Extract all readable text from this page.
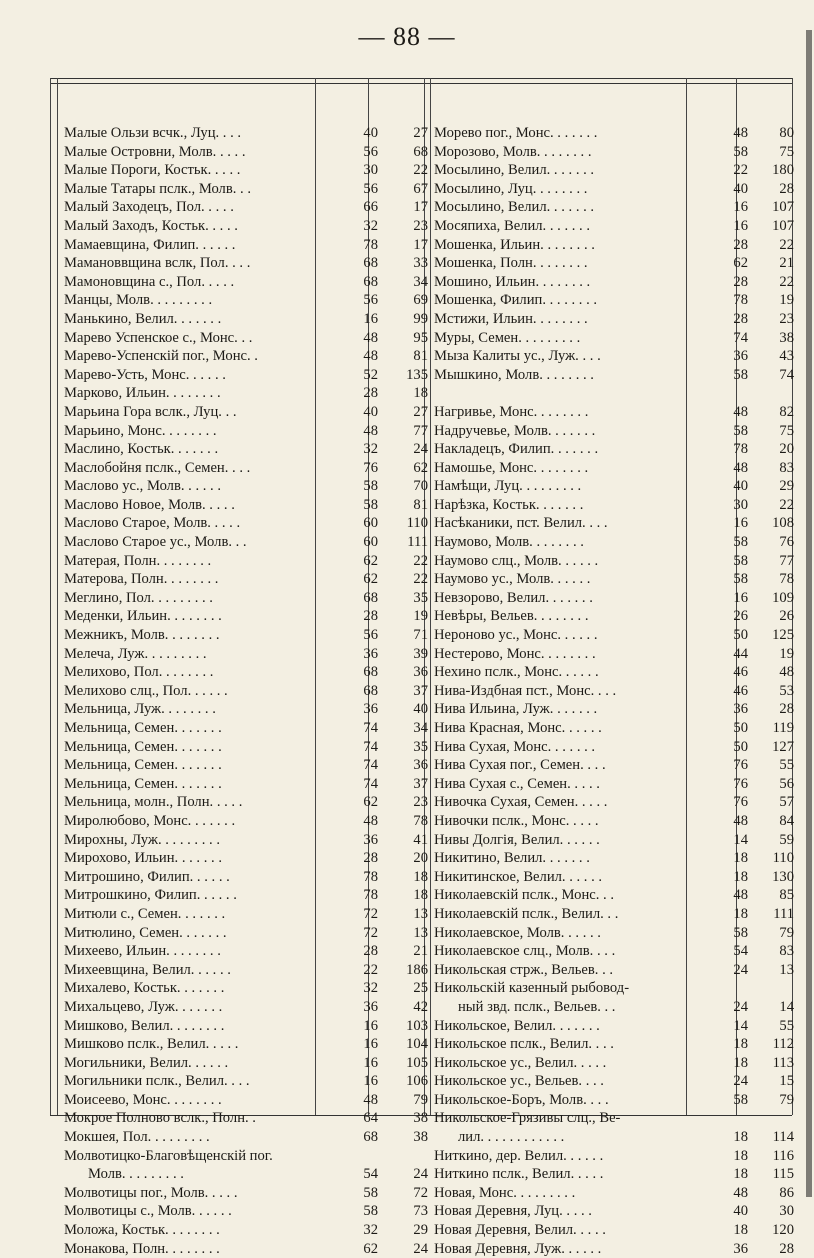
— 88 —
Малые Ользи всчк., Луц. . . .	40	27
Малые Островни, Молв. . . . .	56	68
Малые Пороги, Костьк. . . . .	30	22
Малые Татары пслк., Молв. . .	56	67
Малый Заходецъ, Пол. . . . .	66	17
Малый Заходъ, Костьк. . . . .	32	23
Мамаевщина, Филип. . . . . .	78	17
Мамановвщина вслк, Пол. . . .	68	33
Мамоновщина с., Пол. . . . .	68	34
Манцы, Молв. . . . . . . . .	56	69
Манькино, Велил. . . . . . .	16	99
Марево Успенское с., Монс. . .	48	95
Марево-Успенскій пог., Монс. .	48	81
Марево-Усть, Монс. . . . . .	52	135
Марково, Ильин. . . . . . . .	28	18
Марьина Гора вслк., Луц. . .	40	27
Марьино, Монс. . . . . . . .	48	77
Маслино, Костьк. . . . . . .	32	24
Маслобойня пслк., Семен. . . .	76	62
Маслово ус., Молв. . . . . .	58	70
Маслово Новое, Молв. . . . .	58	81
Маслово Старое, Молв. . . . .	60	110
Маслово Старое ус., Молв. . .	60	111
Матерая, Полн. . . . . . . .	62	22
Матерова, Полн. . . . . . . .	62	22
Меглино, Пол. . . . . . . . .	68	35
Меденки, Ильин. . . . . . . .	28	19
Межникъ, Молв. . . . . . . .	56	71
Мелеча, Луж. . . . . . . . .	36	39
Мелихово, Пол. . . . . . . .	68	36
Мелихово слц., Пол. . . . . .	68	37
Мельница, Луж. . . . . . . .	36	40
Мельница, Семен. . . . . . .	74	34
Мельница, Семен. . . . . . .	74	35
Мельница, Семен. . . . . . .	74	36
Мельница, Семен. . . . . . .	74	37
Мельница, молн., Полн. . . . .	62	23
Миролюбово, Монс. . . . . . .	48	78
Мирохны, Луж. . . . . . . . .	36	41
Мирохово, Ильин. . . . . . .	28	20
Митрошино, Филип. . . . . .	78	18
Митрошкино, Филип. . . . . .	78	18
Митюли с., Семен. . . . . . .	72	13
Митюлино, Семен. . . . . . .	72	13
Михеево, Ильин. . . . . . . .	28	21
Михеевщина, Велил. . . . . .	22	186
Михалево, Костьк. . . . . . .	32	25
Михальцево, Луж. . . . . . .	36	42
Мишково, Велил. . . . . . . .	16	103
Мишково пслк., Велил. . . . .	16	104
Могильники, Велил. . . . . .	16	105
Могильники пслк., Велил. . . .	16	106
Моисеево, Монс. . . . . . . .	48	79
Мокрое Полново вслк., Полн. .	64	38
Мокшея, Пол. . . . . . . . .	68	38
Молвотицко-Благовѣщенскій пог.
Молв. . . . . . . . .	54	24
Молвотицы пог., Молв. . . . .	58	72
Молвотицы с., Молв. . . . . .	58	73
Моложа, Костьк. . . . . . . .	32	29
Монакова, Полн. . . . . . . .	62	24
Морево пог., Монс. . . . . . .	48	80
Морозово, Молв. . . . . . . .	58	75
Мосылино, Велил. . . . . . .	22	180
Мосылино, Луц. . . . . . . .	40	28
Мосылино, Велил. . . . . . .	16	107
Мосяпиха, Велил. . . . . . .	16	107
Мошенка, Ильин. . . . . . . .	28	22
Мошенка, Полн. . . . . . . .	62	21
Мошино, Ильин. . . . . . . .	28	22
Мошенка, Филип. . . . . . . .	78	19
Мстижи, Ильин. . . . . . . .	28	23
Муры, Семен. . . . . . . . .	74	38
Мыза Калиты ус., Луж. . . .	36	43
Мышкино, Молв. . . . . . . .	58	74
Нагривье, Монс. . . . . . . .	48	82
Надручевье, Молв. . . . . . .	58	75
Накладецъ, Филип. . . . . . .	78	20
Намошье, Монс. . . . . . . .	48	83
Намѣщи, Луц. . . . . . . . .	40	29
Нарѣзка, Костьк. . . . . . .	30	22
Насѣканики, пст. Велил. . . .	16	108
Наумово, Молв. . . . . . . .	58	76
Наумово слц., Молв. . . . . .	58	77
Наумово ус., Молв. . . . . .	58	78
Невзорово, Велил. . . . . . .	16	109
Невѣры, Вельев. . . . . . . .	26	26
Нероново ус., Монс. . . . . .	50	125
Нестерово, Монс. . . . . . . .	44	19
Нехино пслк., Монс. . . . . .	46	48
Нива-Издбная пст., Монс. . . .	46	53
Нива Ильина, Луж. . . . . . .	36	28
Нива Красная, Монс. . . . . .	50	119
Нива Сухая, Монс. . . . . . .	50	127
Нива Сухая пог., Семен. . . .	76	55
Нива Сухая с., Семен. . . . .	76	56
Нивочка Сухая, Семен. . . . .	76	57
Нивочки пслк., Монс. . . . .	48	84
Нивы Долгія, Велил. . . . . .	14	59
Никитино, Велил. . . . . . .	18	110
Никитинское, Велил. . . . . .	18	130
Николаевскій пслк., Монс. . .	48	85
Николаевскій пслк., Велил. . .	18	111
Николаевское, Молв. . . . . .	58	79
Николаевское слц., Молв. . . .	54	83
Никольская стрж., Вельев. . .	24	13
Никольскій казенный рыбовод-
ный звд. пслк., Вельев. . .	24	14
Никольское, Велил. . . . . . .	14	55
Никольское пслк., Велил. . . .	18	112
Никольское ус., Велил. . . . .	18	113
Никольское ус., Вельев. . . .	24	15
Никольское-Боръ, Молв. . . .	58	79
Никольское-Грязивы слц., Ве-
лил. . . . . . . . . . . .	18	114
Ниткино, дер. Велил. . . . . .	18	116
Ниткино пслк., Велил. . . . .	18	115
Новая, Монс. . . . . . . . .	48	86
Новая Деревня, Луц. . . . .	40	30
Новая Деревня, Велил. . . . .	18	120
Новая Деревня, Луж. . . . . .	36	28
